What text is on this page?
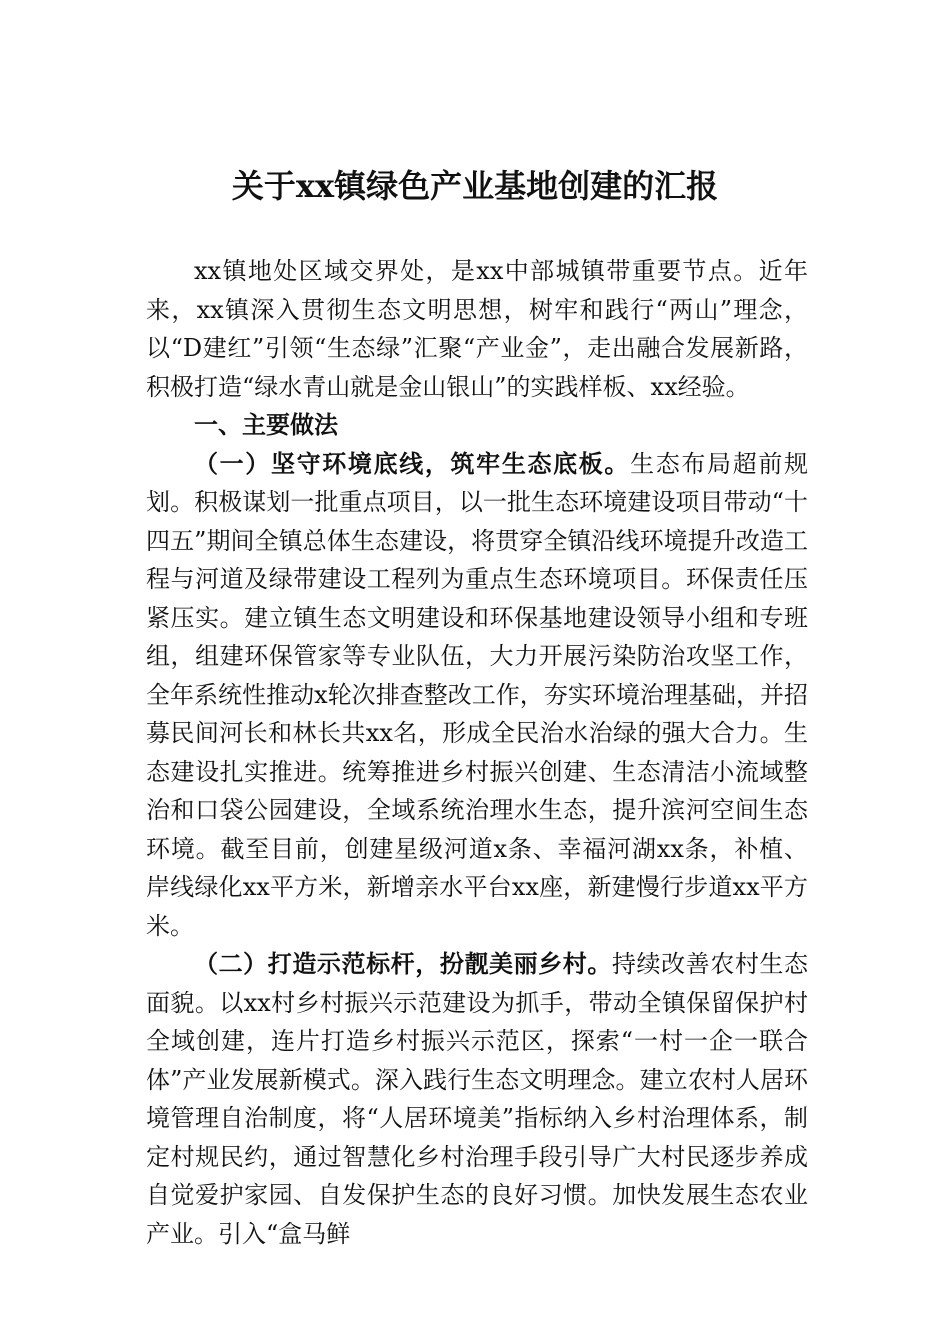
关于xx镇绿色产业基地创建的汇报

xx镇地处区域交界处，是xx中部城镇带重要节点。近年来，xx镇深入贯彻生态文明思想，树牢和践行“两山”理念，以“D建红”引领“生态绿”汇聚“产业金”，走出融合发展新路，积极打造“绿水青山就是金山银山”的实践样板、xx经验。

一、主要做法

（一）坚守环境底线，筑牢生态底板。生态布局超前规划。积极谋划一批重点项目，以一批生态环境建设项目带动“十四五”期间全镇总体生态建设，将贯穿全镇沿线环境提升改造工程与河道及绿带建设工程列为重点生态环境项目。环保责任压紧压实。建立镇生态文明建设和环保基地建设领导小组和专班组，组建环保管家等专业队伍，大力开展污染防治攻坚工作，全年系统性推动x轮次排查整改工作，夯实环境治理基础，并招募民间河长和林长共xx名，形成全民治水治绿的强大合力。生态建设扎实推进。统筹推进乡村振兴创建、生态清洁小流域整治和口袋公园建设，全域系统治理水生态，提升滨河空间生态环境。截至目前，创建星级河道x条、幸福河湖xx条，补植、岸线绿化xx平方米，新增亲水平台xx座，新建慢行步道xx平方米。

（二）打造示范标杆，扮靓美丽乡村。持续改善农村生态面貌。以xx村乡村振兴示范建设为抓手，带动全镇保留保护村全域创建，连片打造乡村振兴示范区，探索“一村一企一联合体”产业发展新模式。深入践行生态文明理念。建立农村人居环境管理自治制度，将“人居环境美”指标纳入乡村治理体系，制定村规民约，通过智慧化乡村治理手段引导广大村民逐步养成自觉爱护家园、自发保护生态的良好习惯。加快发展生态农业产业。引入“盒马鲜
